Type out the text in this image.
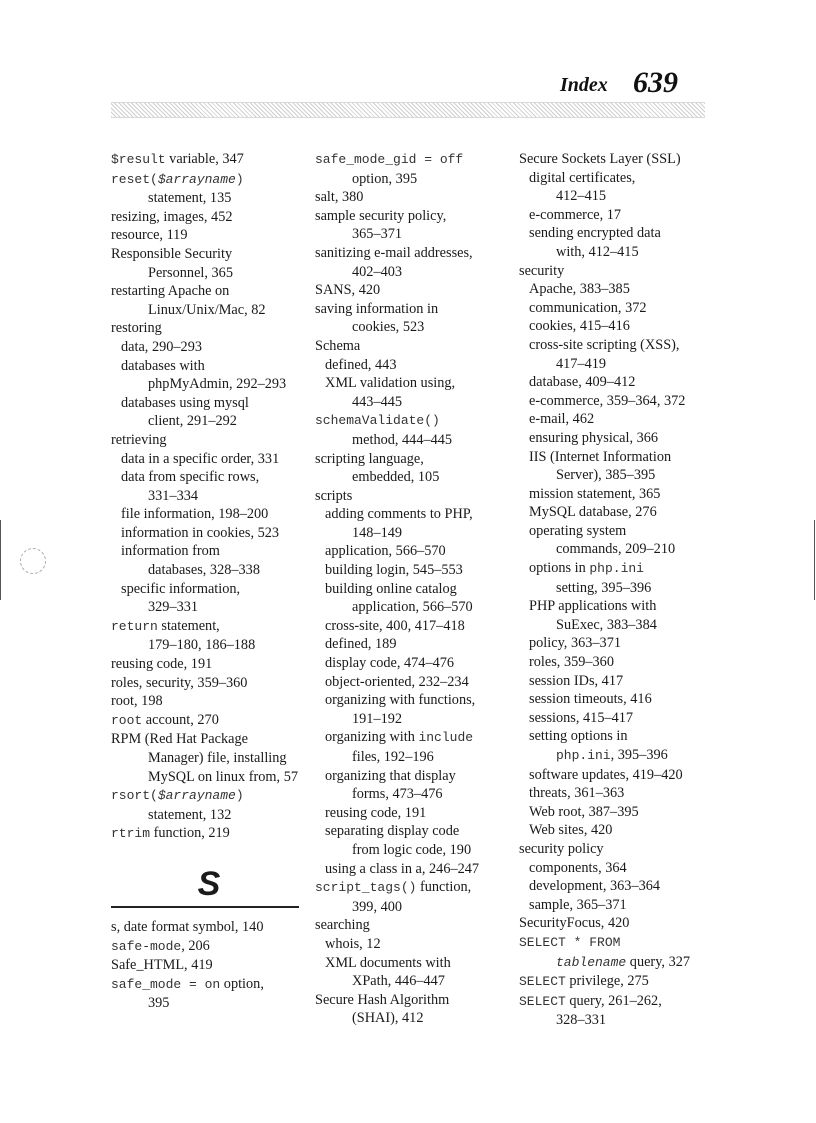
Index 639
$result variable, 347
reset($arrayname)
statement, 135
resizing, images, 452
resource, 119
Responsible Security
Personnel, 365
restarting Apache on
Linux/Unix/Mac, 82
restoring
data, 290–293
databases with
phpMyAdmin, 292–293
databases using mysql
client, 291–292
retrieving
data in a specific order, 331
data from specific rows,
331–334
file information, 198–200
information in cookies, 523
information from
databases, 328–338
specific information,
329–331
return statement,
179–180, 186–188
reusing code, 191
roles, security, 359–360
root, 198
root account, 270
RPM (Red Hat Package
Manager) file, installing
MySQL on linux from, 57
rsort($arrayname)
statement, 132
rtrim function, 219
S
s, date format symbol, 140
safe-mode, 206
Safe_HTML, 419
safe_mode = on option,
395
safe_mode_gid = off
option, 395
salt, 380
sample security policy,
365–371
sanitizing e-mail addresses,
402–403
SANS, 420
saving information in
cookies, 523
Schema
defined, 443
XML validation using,
443–445
schemaValidate()
method, 444–445
scripting language,
embedded, 105
scripts
adding comments to PHP,
148–149
application, 566–570
building login, 545–553
building online catalog
application, 566–570
cross-site, 400, 417–418
defined, 189
display code, 474–476
object-oriented, 232–234
organizing with functions,
191–192
organizing with include
files, 192–196
organizing that display
forms, 473–476
reusing code, 191
separating display code
from logic code, 190
using a class in a, 246–247
script_tags() function,
399, 400
searching
whois, 12
XML documents with
XPath, 446–447
Secure Hash Algorithm
(SHAI), 412
Secure Sockets Layer (SSL)
digital certificates,
412–415
e-commerce, 17
sending encrypted data
with, 412–415
security
Apache, 383–385
communication, 372
cookies, 415–416
cross-site scripting (XSS),
417–419
database, 409–412
e-commerce, 359–364, 372
e-mail, 462
ensuring physical, 366
IIS (Internet Information
Server), 385–395
mission statement, 365
MySQL database, 276
operating system
commands, 209–210
options in php.ini
setting, 395–396
PHP applications with
SuExec, 383–384
policy, 363–371
roles, 359–360
session IDs, 417
session timeouts, 416
sessions, 415–417
setting options in
php.ini, 395–396
software updates, 419–420
threats, 361–363
Web root, 387–395
Web sites, 420
security policy
components, 364
development, 363–364
sample, 365–371
SecurityFocus, 420
SELECT * FROM
tablename query, 327
SELECT privilege, 275
SELECT query, 261–262,
328–331
